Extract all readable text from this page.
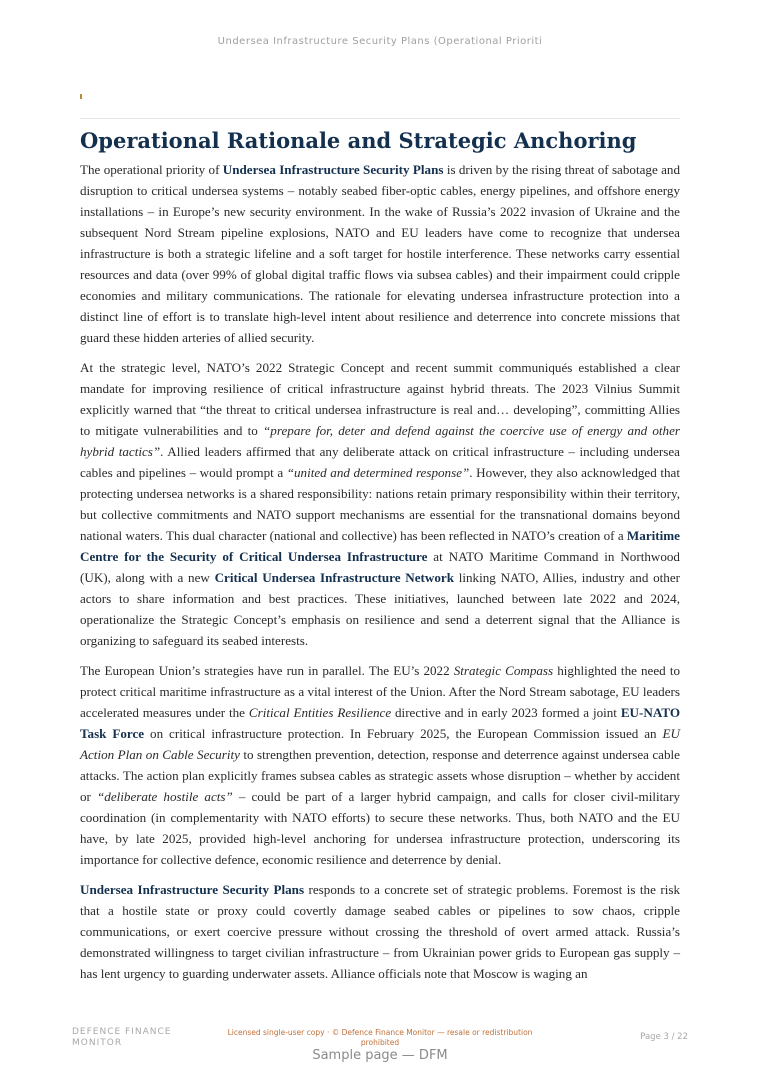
Undersea Infrastructure Security Plans (Operational Prioriti
Operational Rationale and Strategic Anchoring

The operational priority of Undersea Infrastructure Security Plans is driven by the rising threat of sabotage and disruption to critical undersea systems – notably seabed fiber-optic cables, energy pipelines, and offshore energy installations – in Europe’s new security environment. In the wake of Russia’s 2022 invasion of Ukraine and the subsequent Nord Stream pipeline explosions, NATO and EU leaders have come to recognize that undersea infrastructure is both a strategic lifeline and a soft target for hostile interference. These networks carry essential resources and data (over 99% of global digital traffic flows via subsea cables) and their impairment could cripple economies and military communications. The rationale for elevating undersea infrastructure protection into a distinct line of effort is to translate high-level intent about resilience and deterrence into concrete missions that guard these hidden arteries of allied security.

At the strategic level, NATO’s 2022 Strategic Concept and recent summit communiqués established a clear mandate for improving resilience of critical infrastructure against hybrid threats. The 2023 Vilnius Summit explicitly warned that “the threat to critical undersea infrastructure is real and… developing”, committing Allies to mitigate vulnerabilities and to “prepare for, deter and defend against the coercive use of energy and other hybrid tactics”. Allied leaders affirmed that any deliberate attack on critical infrastructure – including undersea cables and pipelines – would prompt a “united and determined response”. However, they also acknowledged that protecting undersea networks is a shared responsibility: nations retain primary responsibility within their territory, but collective commitments and NATO support mechanisms are essential for the transnational domains beyond national waters. This dual character (national and collective) has been reflected in NATO’s creation of a Maritime Centre for the Security of Critical Undersea Infrastructure at NATO Maritime Command in Northwood (UK), along with a new Critical Undersea Infrastructure Network linking NATO, Allies, industry and other actors to share information and best practices. These initiatives, launched between late 2022 and 2024, operationalize the Strategic Concept’s emphasis on resilience and send a deterrent signal that the Alliance is organizing to safeguard its seabed interests.

The European Union’s strategies have run in parallel. The EU’s 2022 Strategic Compass highlighted the need to protect critical maritime infrastructure as a vital interest of the Union. After the Nord Stream sabotage, EU leaders accelerated measures under the Critical Entities Resilience directive and in early 2023 formed a joint EU-NATO Task Force on critical infrastructure protection. In February 2025, the European Commission issued an EU Action Plan on Cable Security to strengthen prevention, detection, response and deterrence against undersea cable attacks. The action plan explicitly frames subsea cables as strategic assets whose disruption – whether by accident or “deliberate hostile acts” – could be part of a larger hybrid campaign, and calls for closer civil-military coordination (in complementarity with NATO efforts) to secure these networks. Thus, both NATO and the EU have, by late 2025, provided high-level anchoring for undersea infrastructure protection, underscoring its importance for collective defence, economic resilience and deterrence by denial.

Undersea Infrastructure Security Plans responds to a concrete set of strategic problems. Foremost is the risk that a hostile state or proxy could covertly damage seabed cables or pipelines to sow chaos, cripple communications, or exert coercive pressure without crossing the threshold of overt armed attack. Russia’s demonstrated willingness to target civilian infrastructure – from Ukrainian power grids to European gas supply – has lent urgency to guarding underwater assets. Alliance officials note that Moscow is waging an

DEFENCE FINANCE MONITOR
Licensed single-user copy · © Defence Finance Monitor — resale or redistribution prohibited
Page 3 / 22
Sample page — DFM
